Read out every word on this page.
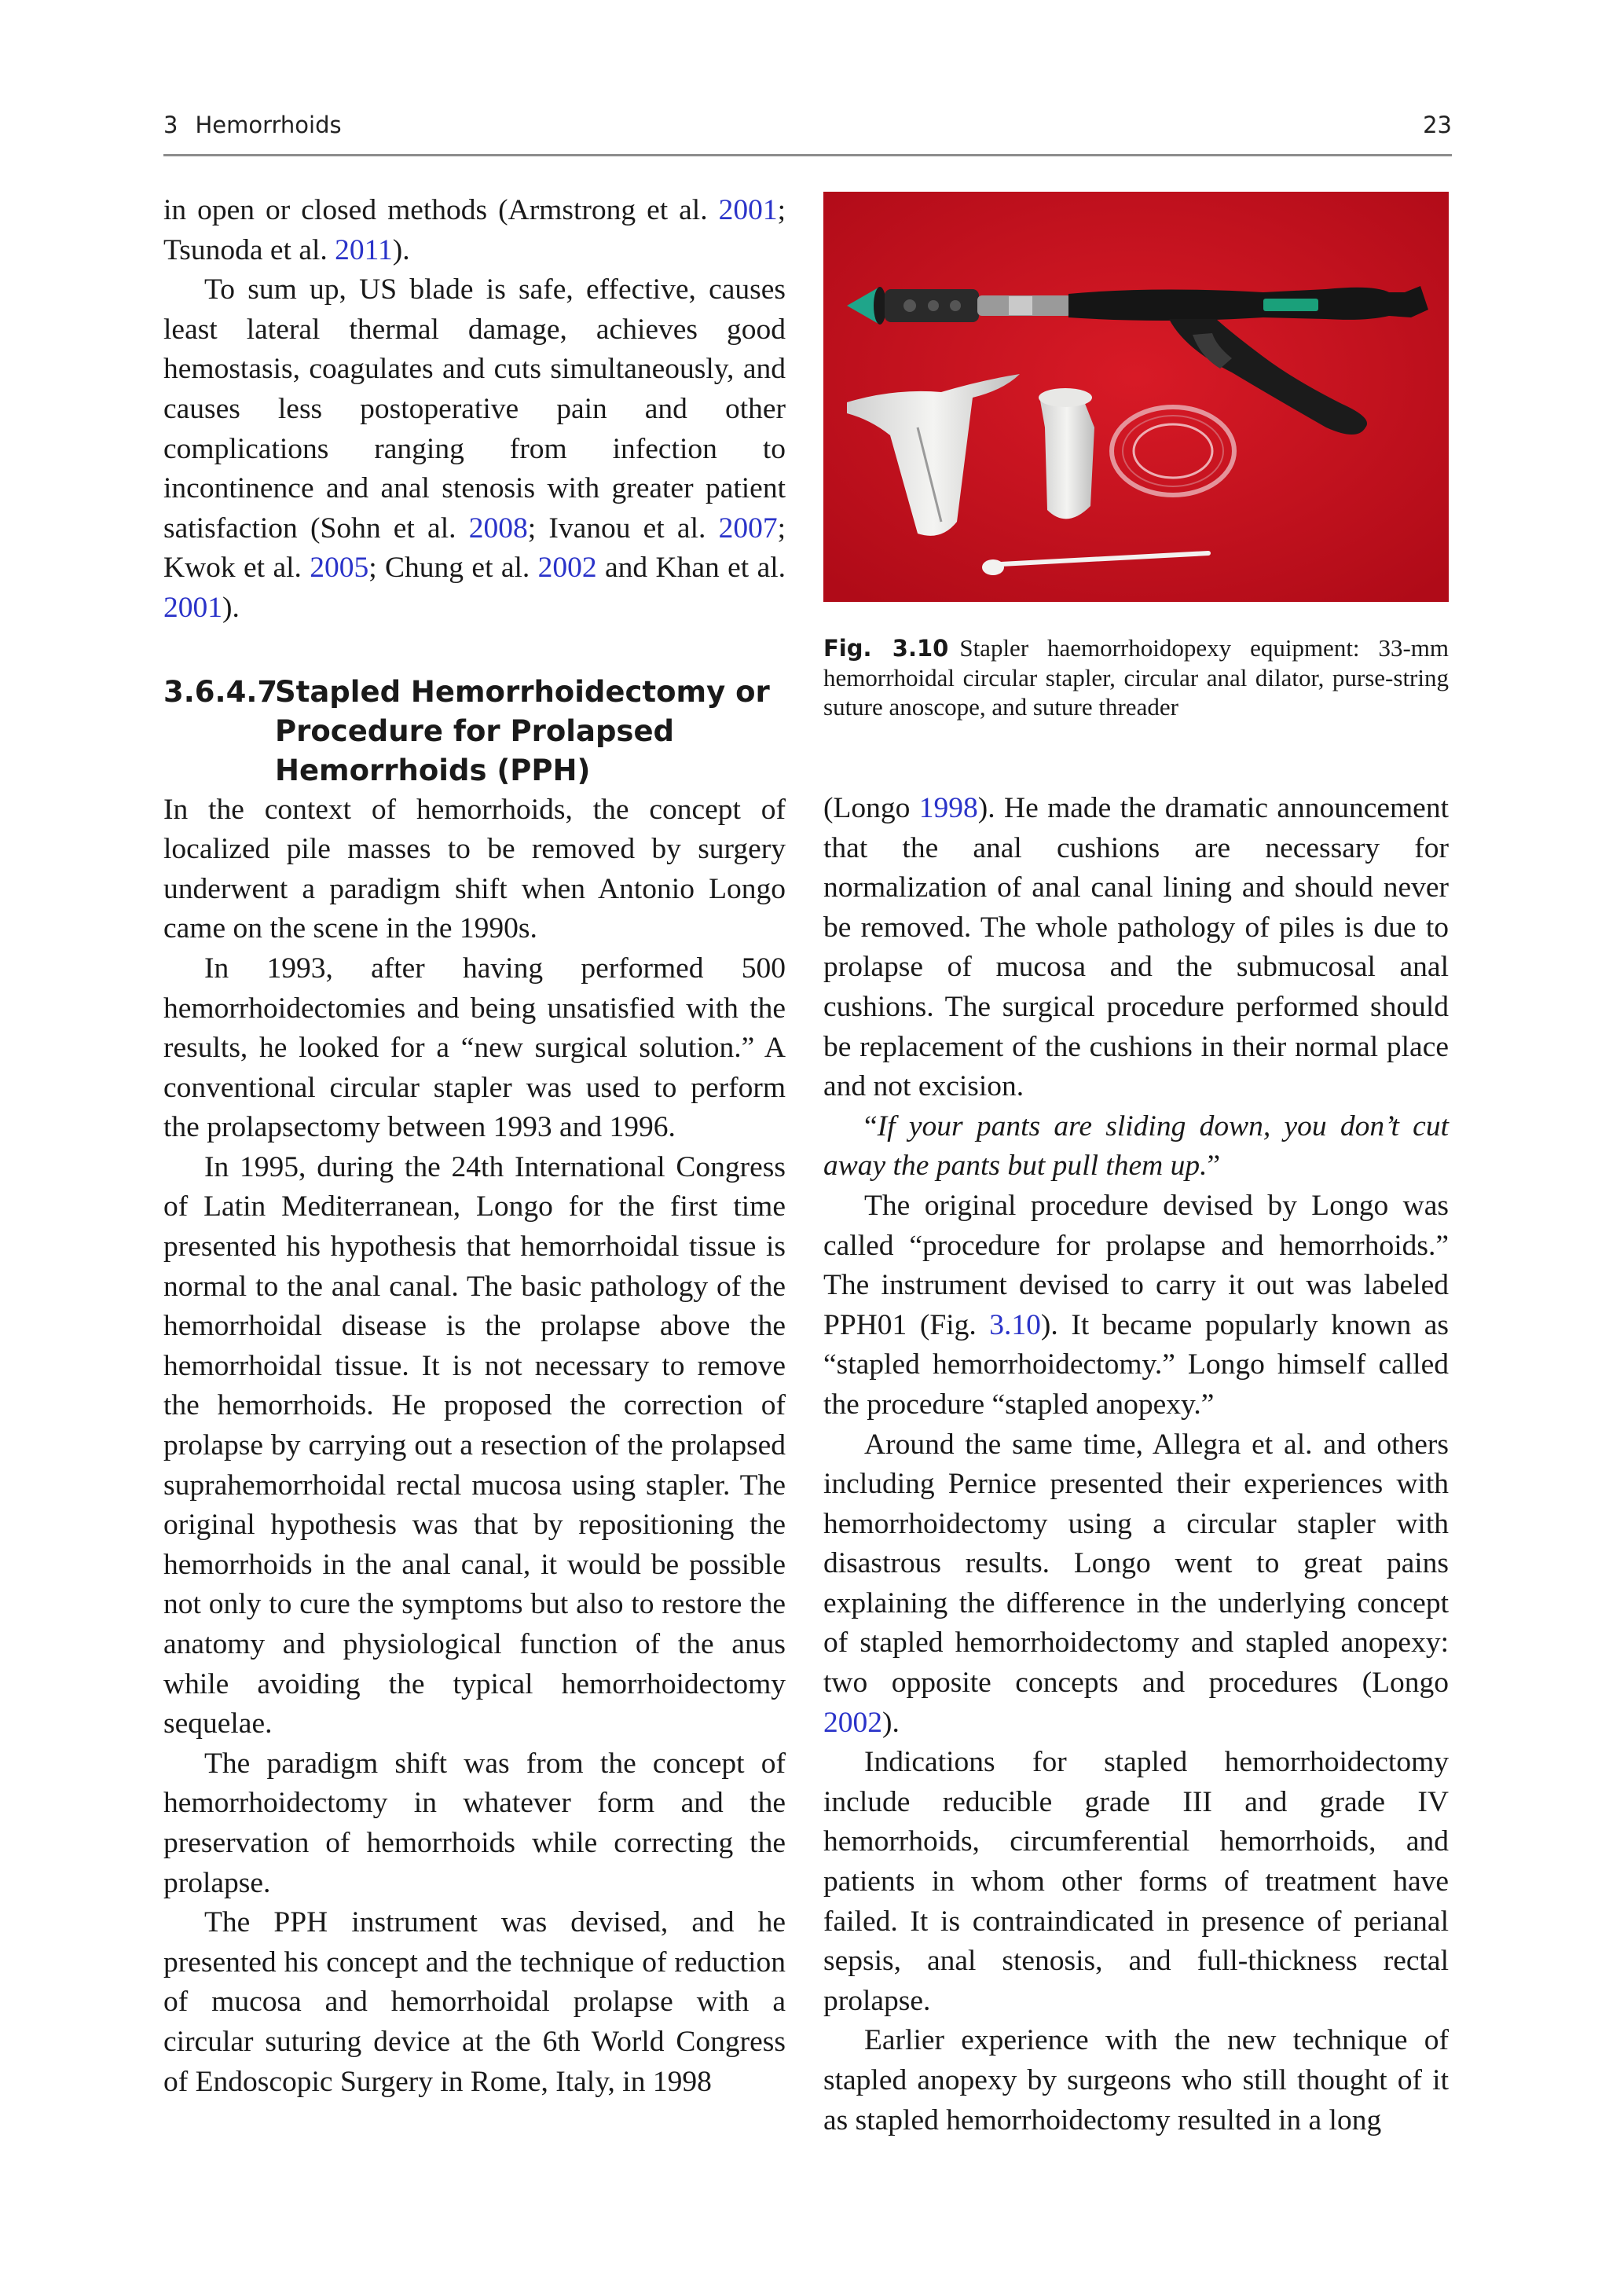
3 Hemorrhoids	23

in open or closed methods (Armstrong et al. 2001; Tsunoda et al. 2011).

To sum up, US blade is safe, effective, causes least lateral thermal damage, achieves good hemostasis, coagulates and cuts simultaneously, and causes less postoperative pain and other complications ranging from infection to incontinence and anal stenosis with greater patient satisfaction (Sohn et al. 2008; Ivanou et al. 2007; Kwok et al. 2005; Chung et al. 2002 and Khan et al. 2001).

3.6.4.7
Stapled Hemorrhoidectomy or Procedure for Prolapsed Hemorrhoids (PPH)

In the context of hemorrhoids, the concept of localized pile masses to be removed by surgery underwent a paradigm shift when Antonio Longo came on the scene in the 1990s.

In 1993, after having performed 500 hemorrhoidectomies and being unsatisfied with the results, he looked for a “new surgical solution.” A conventional circular stapler was used to perform the prolapsectomy between 1993 and 1996.

In 1995, during the 24th International Congress of Latin Mediterranean, Longo for the first time presented his hypothesis that hemorrhoidal tissue is normal to the anal canal. The basic pathology of the hemorrhoidal disease is the prolapse above the hemorrhoidal tissue. It is not necessary to remove the hemorrhoids. He proposed the correction of prolapse by carrying out a resection of the prolapsed suprahemorrhoidal rectal mucosa using stapler. The original hypothesis was that by repositioning the hemorrhoids in the anal canal, it would be possible not only to cure the symptoms but also to restore the anatomy and physiological function of the anus while avoiding the typical hemorrhoidectomy sequelae.

The paradigm shift was from the concept of hemorrhoidectomy in whatever form and the preservation of hemorrhoids while correcting the prolapse.

The PPH instrument was devised, and he presented his concept and the technique of reduction of mucosa and hemorrhoidal prolapse with a circular suturing device at the 6th World Congress of Endoscopic Surgery in Rome, Italy, in 1998

Fig. 3.10 Stapler haemorrhoidopexy equipment: 33-mm hemorrhoidal circular stapler, circular anal dilator, purse-string suture anoscope, and suture threader

(Longo 1998). He made the dramatic announcement that the anal cushions are necessary for normalization of anal canal lining and should never be removed. The whole pathology of piles is due to prolapse of mucosa and the submucosal anal cushions. The surgical procedure performed should be replacement of the cushions in their normal place and not excision.

“If your pants are sliding down, you don’t cut away the pants but pull them up.”

The original procedure devised by Longo was called “procedure for prolapse and hemorrhoids.” The instrument devised to carry it out was labeled PPH01 (Fig. 3.10). It became popularly known as “stapled hemorrhoidectomy.” Longo himself called the procedure “stapled anopexy.”

Around the same time, Allegra et al. and others including Pernice presented their experiences with hemorrhoidectomy using a circular stapler with disastrous results. Longo went to great pains explaining the difference in the underlying concept of stapled hemorrhoidectomy and stapled anopexy: two opposite concepts and procedures (Longo 2002).

Indications for stapled hemorrhoidectomy include reducible grade III and grade IV hemorrhoids, circumferential hemorrhoids, and patients in whom other forms of treatment have failed. It is contraindicated in presence of perianal sepsis, anal stenosis, and full-thickness rectal prolapse.

Earlier experience with the new technique of stapled anopexy by surgeons who still thought of it as stapled hemorrhoidectomy resulted in a long
